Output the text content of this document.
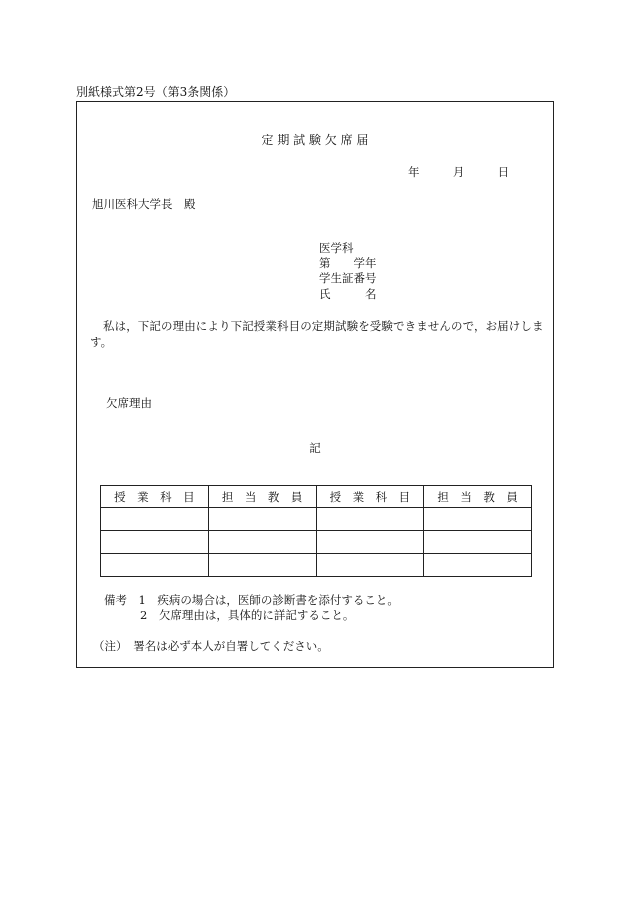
別紙様式第2号（第3条関係）
定 期 試 験 欠 席 届
年	月	日
旭川医科大学長　殿
医学科
第　　学年
学生証番号
氏　　　名
私は，下記の理由により下記授業科目の定期試験を受験できませんので，お届けします。
欠席理由
記
授　業　科　目	担　当　教　員	授　業　科　目	担　当　教　員

備考　1　疾病の場合は，医師の診断書を添付すること。
2　欠席理由は，具体的に詳記すること。
（注）　署名は必ず本人が自署してください。
